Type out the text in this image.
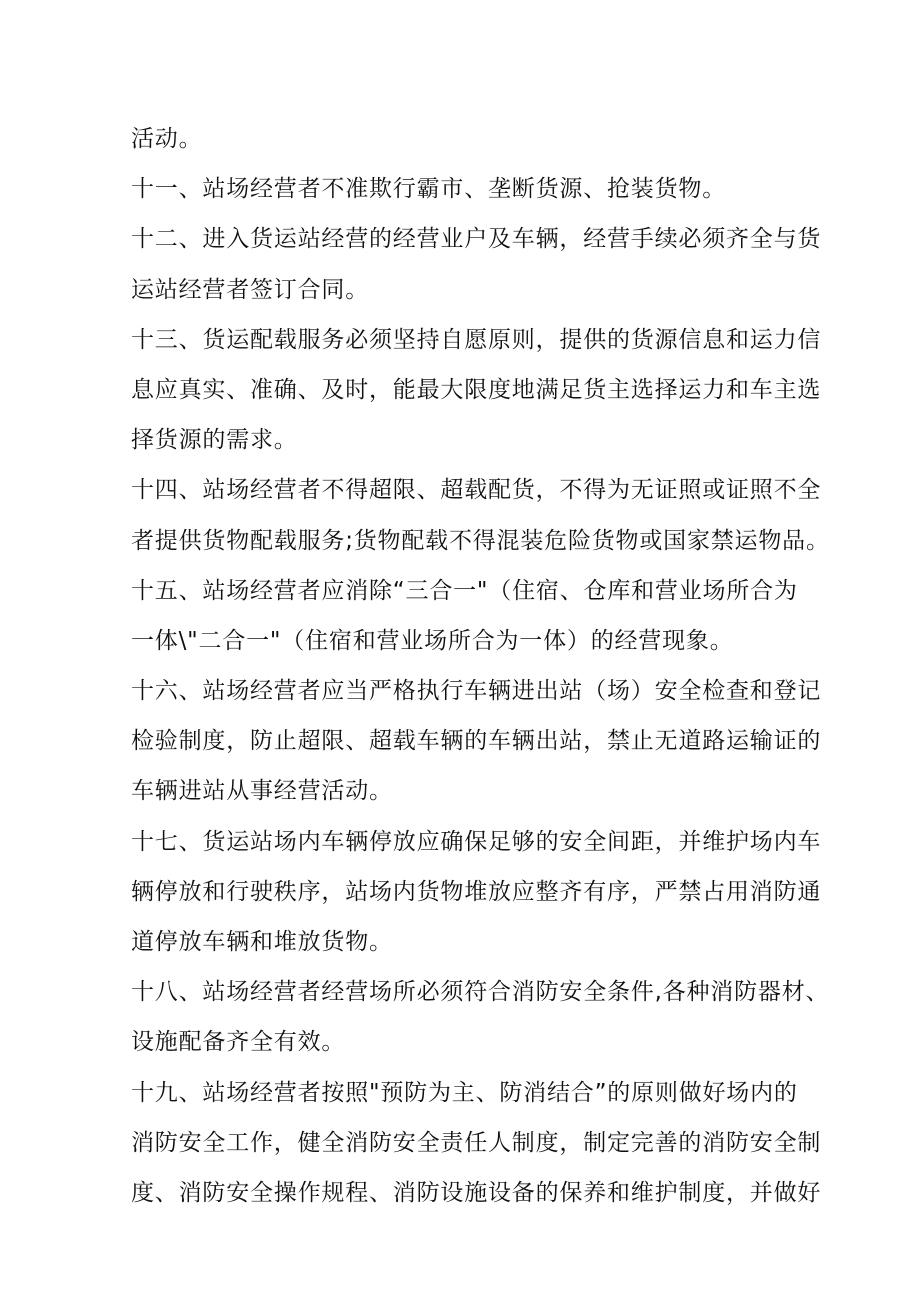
活动。
十一、站场经营者不准欺行霸市、垄断货源、抢装货物。
十二、进入货运站经营的经营业户及车辆，经营手续必须齐全与货
运站经营者签订合同。
十三、货运配载服务必须坚持自愿原则，提供的货源信息和运力信
息应真实、准确、及时，能最大限度地满足货主选择运力和车主选
择货源的需求。
十四、站场经营者不得超限、超载配货，不得为无证照或证照不全
者提供货物配载服务;货物配载不得混装危险货物或国家禁运物品。
十五、站场经营者应消除“三合一"（住宿、仓库和营业场所合为
一体\"二合一"（住宿和营业场所合为一体）的经营现象。
十六、站场经营者应当严格执行车辆进出站（场）安全检查和登记
检验制度，防止超限、超载车辆的车辆出站，禁止无道路运输证的
车辆进站从事经营活动。
十七、货运站场内车辆停放应确保足够的安全间距，并维护场内车
辆停放和行驶秩序，站场内货物堆放应整齐有序，严禁占用消防通
道停放车辆和堆放货物。
十八、站场经营者经营场所必须符合消防安全条件,各种消防器材、
设施配备齐全有效。
十九、站场经营者按照"预防为主、防消结合”的原则做好场内的
消防安全工作，健全消防安全责任人制度，制定完善的消防安全制
度、消防安全操作规程、消防设施设备的保养和维护制度，并做好
